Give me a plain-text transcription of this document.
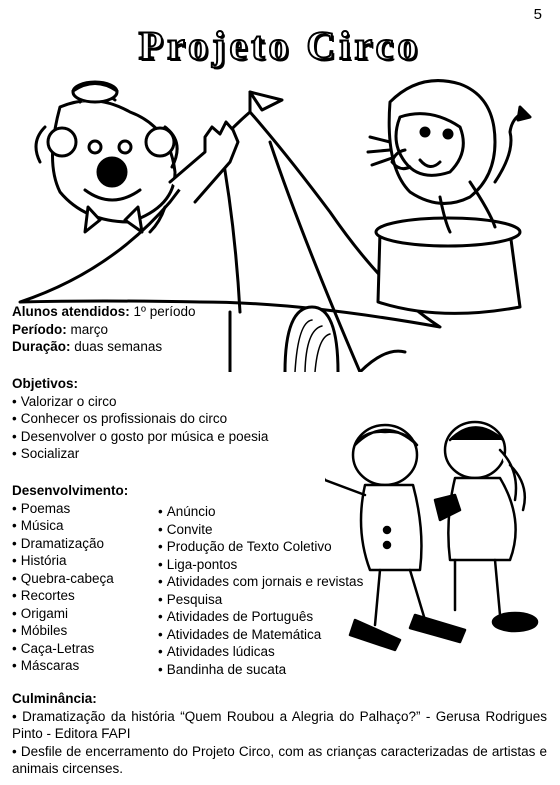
5
Projeto Circo
Alunos atendidos: 1º período
Período: março
Duração: duas semanas
Objetivos:
• Valorizar o circo
• Conhecer os profissionais do circo
• Desenvolver o gosto por música e poesia
• Socializar
Desenvolvimento:
• Poemas
• Música
• Dramatização
• História
• Quebra-cabeça
• Recortes
• Origami
• Móbiles
• Caça-Letras
• Máscaras
• Anúncio
• Convite
• Produção de Texto Coletivo
• Liga-pontos
• Atividades com jornais e revistas
• Pesquisa
• Atividades de Português
• Atividades de Matemática
• Atividades lúdicas
• Bandinha de sucata
Culminância:

• Dramatização da história “Quem Roubou a Alegria do Palhaço?” - Gerusa Rodrigues Pinto - Editora FAPI

• Desfile de encerramento do Projeto Circo, com as crianças caracterizadas de artistas e animais circenses.
